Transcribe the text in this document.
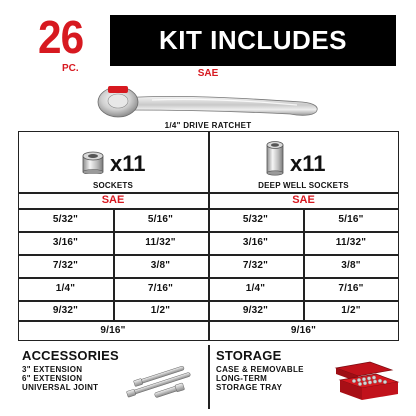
26
PC.
KIT INCLUDES
SAE
1/4" DRIVE RATCHET
x11
SOCKETS
x11
DEEP WELL SOCKETS
SAE	SAE
5/32"
3/16"
7/32"
1/4"
9/32"
5/16"
11/32"
3/8"
7/16"
1/2"
9/16"
5/32"
3/16"
7/32"
1/4"
9/32"
5/16"
11/32"
3/8"
7/16"
1/2"
9/16"
ACCESSORIES
3" EXTENSION
6" EXTENSION
UNIVERSAL JOINT
STORAGE
CASE & REMOVABLE
LONG-TERM
STORAGE TRAY
